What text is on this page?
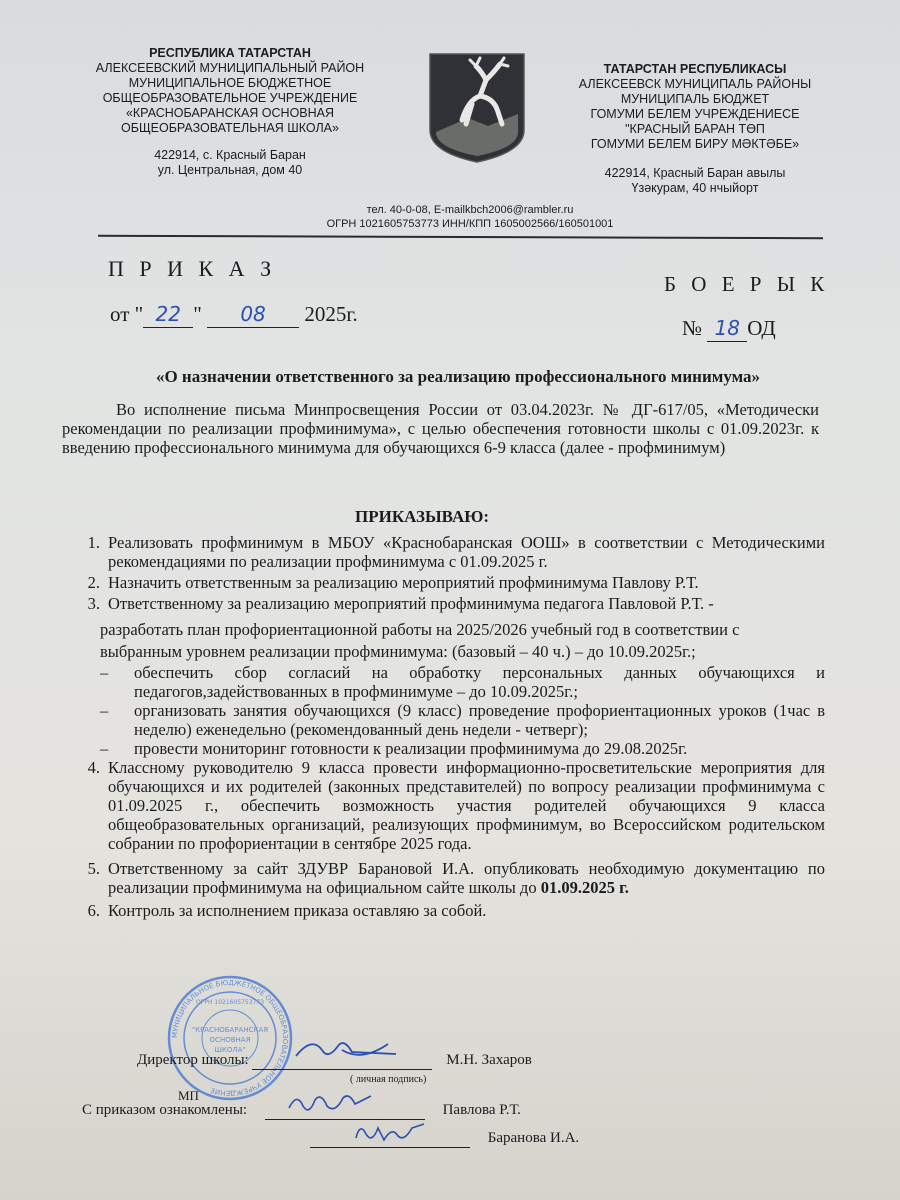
РЕСПУБЛИКА ТАТАРСТАН
АЛЕКСЕЕВСКИЙ МУНИЦИПАЛЬНЫЙ РАЙОН
МУНИЦИПАЛЬНОЕ БЮДЖЕТНОЕ
ОБЩЕОБРАЗОВАТЕЛЬНОЕ УЧРЕЖДЕНИЕ
«КРАСНОБАРАНСКАЯ ОСНОВНАЯ
ОБЩЕОБРАЗОВАТЕЛЬНАЯ ШКОЛА»
422914, с. Красный Баран
ул. Центральная, дом 40
ТАТАРСТАН РЕСПУБЛИКАСЫ
АЛЕКСЕЕВСК МУНИЦИПАЛЬ РАЙОНЫ
МУНИЦИПАЛЬ БЮДЖЕТ
ГОМУМИ БЕЛЕМ УЧРЕЖДЕНИЕСЕ
"КРАСНЫЙ БАРАН ТӨП
ГОМУМИ БЕЛЕМ БИРУ МӘКТӘБЕ»
422914, Красный Баран авылы
Үзәкурам, 40 нчыйорт
тел. 40-0-08, E-mailkbch2006@rambler.ru
ОГРН 1021605753773 ИНН/КПП 1605002566/160501001
П Р И К А З
Б О Е Р Ы К
от " 22 " 08 2025г.
№ 18 ОД
«О назначении ответственного за реализацию профессионального минимума»
Во исполнение письма Минпросвещения России от 03.04.2023г. № ДГ-617/05, «Методически рекомендации по реализации профминимума», с целью обеспечения готовности школы с 01.09.2023г. к введению профессионального минимума для обучающихся 6-9 класса (далее - профминимум)
ПРИКАЗЫВАЮ:
1. Реализовать профминимум в МБОУ «Краснобаранская ООШ» в соответствии с Методическими рекомендациями по реализации профминимума с 01.09.2025 г.
2. Назначить ответственным за реализацию мероприятий профминимума Павлову Р.Т.
3. Ответственному за реализацию мероприятий профминимума педагога Павловой Р.Т. -
разработать план профориентационной работы на 2025/2026 учебный год в соответствии с выбранным уровнем реализации профминимума: (базовый – 40 ч.) – до 10.09.2025г.;
–	обеспечить сбор согласий на обработку персональных данных обучающихся и педагогов,задействованных в профминимуме – до 10.09.2025г.;
–	организовать занятия обучающихся (9 класс) проведение профориентационных уроков (1час в неделю) еженедельно (рекомендованный день недели - четверг);
–	провести мониторинг готовности к реализации профминимума до 29.08.2025г.
4. Классному руководителю 9 класса провести информационно-просветительские мероприятия для обучающихся и их родителей (законных представителей) по вопросу реализации профминимума с 01.09.2025 г., обеспечить возможность участия родителей обучающихся 9 класса общеобразовательных организаций, реализующих профминимум, во Всероссийском родительском собрании по профориентации в сентябре 2025 года.
5. Ответственному за сайт ЗДУВР Барановой И.А. опубликовать необходимую документацию по реализации профминимума на официальном сайте школы до 01.09.2025 г.
6. Контроль за исполнением приказа оставляю за собой.
МУНИЦИПАЛЬНОЕ БЮДЖЕТНОЕ ОБЩЕОБРАЗОВАТЕЛЬНОЕ УЧРЕЖДЕНИЕ
ОГРН 1021605753773
"КРАСНОБАРАНСКАЯ
ОСНОВНАЯ
ШКОЛА"
Директор школы:	М.Н. Захаров
( личная подпись)
МП
С приказом ознакомлены:	Павлова Р.Т.

Баранова И.А.
